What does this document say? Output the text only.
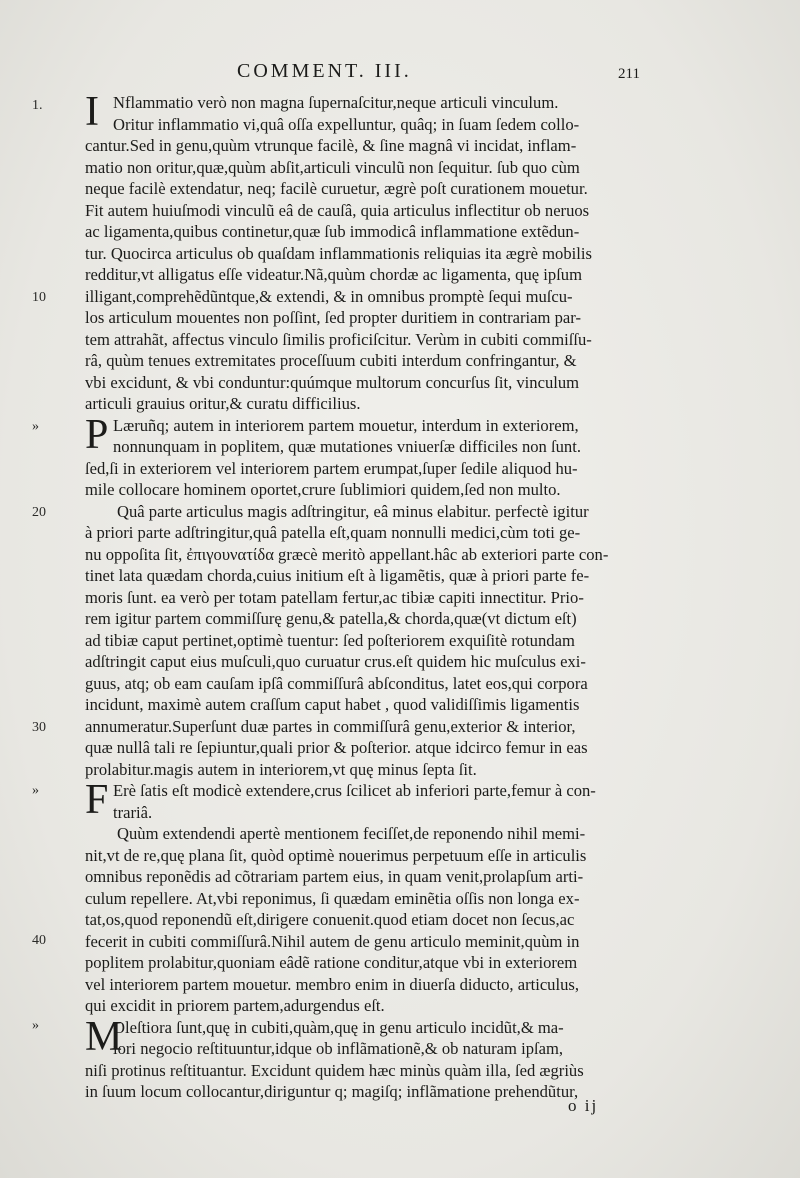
COMMENT. III.	211
1.
10
»
20
30
»
40
»
I Nflammatio verò non magna ſupernaſcitur,neque articuli vinculum.
Oritur inflammatio vi,quâ oſſa expelluntur, quâq; in ſuam ſedem collo-
cantur.Sed in genu,quùm vtrunque facilè, & ſine magnâ vi incidat, inflam-
matio non oritur,quæ,quùm abſit,articuli vinculũ non ſequitur. ſub quo cùm
neque facilè extendatur, neq; facilè curuetur, ægrè poſt curationem mouetur.
Fit autem huiuſmodi vinculũ eâ de cauſâ, quia articulus inflectitur ob neruos
ac ligamenta,quibus continetur,quæ ſub immodicâ inflammatione extẽdun-
tur. Quocirca articulus ob quaſdam inflammationis reliquias ita ægrè mobilis
redditur,vt alligatus eſſe videatur.Nã,quùm chordæ ac ligamenta, quę ipſum
illigant,comprehẽdũntque,& extendi, & in omnibus promptè ſequi muſcu-
los articulum mouentes non poſſint, ſed propter duritiem in contrariam par-
tem attrahãt, affectus vinculo ſimilis proficiſcitur. Verùm in cubiti commiſſu-
râ, quùm tenues extremitates proceſſuum cubiti interdum confringantur, &
vbi excidunt, & vbi conduntur:quúmque multorum concurſus ſit, vinculum
articuli grauius oritur,& curatu difficilius.
P Læruñq; autem in interiorem partem mouetur, interdum in exteriorem,
nonnunquam in poplitem, quæ mutationes vniuerſæ difficiles non ſunt.
ſed,ſi in exteriorem vel interiorem partem erumpat,ſuper ſedile aliquod hu-
mile collocare hominem oportet,crure ſublimiori quidem,ſed non multo.
Quâ parte articulus magis adſtringitur, eâ minus elabitur. perfectè igitur
à priori parte adſtringitur,quâ patella eſt,quam nonnulli medici,cùm toti ge-
nu oppoſita ſit, ἐπιγουνατίδα græcè meritò appellant.hâc ab exteriori parte con-
tinet lata quædam chorda,cuius initium eſt à ligamẽtis, quæ à priori parte fe-
moris ſunt. ea verò per totam patellam fertur,ac tibiæ capiti innectitur. Prio-
rem igitur partem commiſſurę genu,& patella,& chorda,quæ(vt dictum eſt)
ad tibiæ caput pertinet,optimè tuentur: ſed poſteriorem exquiſitè rotundam
adſtringit caput eius muſculi,quo curuatur crus.eſt quidem hic muſculus exi-
guus, atq; ob eam cauſam ipſâ commiſſurâ abſconditus, latet eos,qui corpora
incidunt, maximè autem craſſum caput habet , quod validiſſimis ligamentis
annumeratur.Superſunt duæ partes in commiſſurâ genu,exterior & interior,
quæ nullâ tali re ſepiuntur,quali prior & poſterior. atque idcirco femur in eas
prolabitur.magis autem in interiorem,vt quę minus ſepta ſit.
F Erè ſatis eſt modicè extendere,crus ſcilicet ab inferiori parte,femur à con-
trariâ.
Quùm extendendi apertè mentionem feciſſet,de reponendo nihil memi-
nit,vt de re,quę plana ſit, quòd optimè nouerimus perpetuum eſſe in articulis
omnibus reponẽdis ad cõtrariam partem eius, in quam venit,prolapſum arti-
culum repellere. At,vbi reponimus, ſi quædam eminẽtia oſſis non longa ex-
tat,os,quod reponendũ eſt,dirigere conuenit.quod etiam docet non ſecus,ac
fecerit in cubiti commiſſurâ.Nihil autem de genu articulo meminit,quùm in
poplitem prolabitur,quoniam eâdẽ ratione conditur,atque vbi in exteriorem
vel interiorem partem mouetur. membro enim in diuerſa diducto, articulus,
qui excidit in priorem partem,adurgendus eſt.
M
Oleſtiora ſunt,quę in cubiti,quàm,quę in genu articulo incidũt,& ma-
iori negocio reſtituuntur,idque ob inflãmationẽ,& ob naturam ipſam,
niſi protinus reſtituantur. Excidunt quidem hæc minùs quàm illa, ſed ægriùs
in ſuum locum collocantur,diriguntur q; magiſq; inflãmatione prehendũtur,
o ij
